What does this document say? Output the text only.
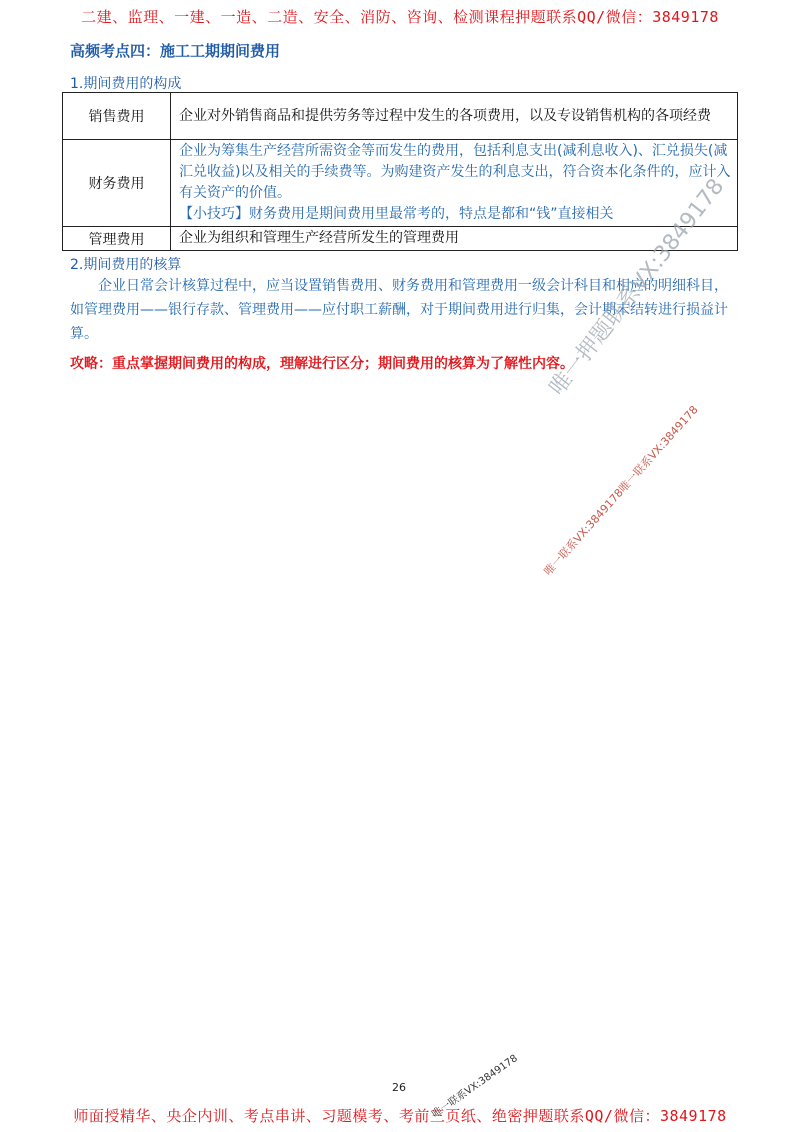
二建、监理、一建、一造、二造、安全、消防、咨询、检测课程押题联系QQ/微信：3849178
高频考点四：施工工期期间费用
1.期间费用的构成
销售费用	企业对外销售商品和提供劳务等过程中发生的各项费用，以及专设销售机构的各项经费
财务费用	企业为筹集生产经营所需资金等而发生的费用，包括利息支出(减利息收入)、汇兑损失(减汇兑收益)以及相关的手续费等。为购建资产发生的利息支出，符合资本化条件的，应计入有关资产的价值。
【小技巧】财务费用是期间费用里最常考的，特点是都和“钱”直接相关
管理费用	企业为组织和管理生产经营所发生的管理费用
2.期间费用的核算
企业日常会计核算过程中，应当设置销售费用、财务费用和管理费用一级会计科目和相应的明细科目，如管理费用——银行存款、管理费用——应付职工薪酬，对于期间费用进行归集，会计期末结转进行损益计算。
攻略：重点掌握期间费用的构成，理解进行区分；期间费用的核算为了解性内容。
唯一押题联系VX:3849178
唯一联系VX:3849178唯一联系VX:3849178
26 唯一联系VX:3849178
师面授精华、央企内训、考点串讲、习题模考、考前三页纸、绝密押题联系QQ/微信：3849178
